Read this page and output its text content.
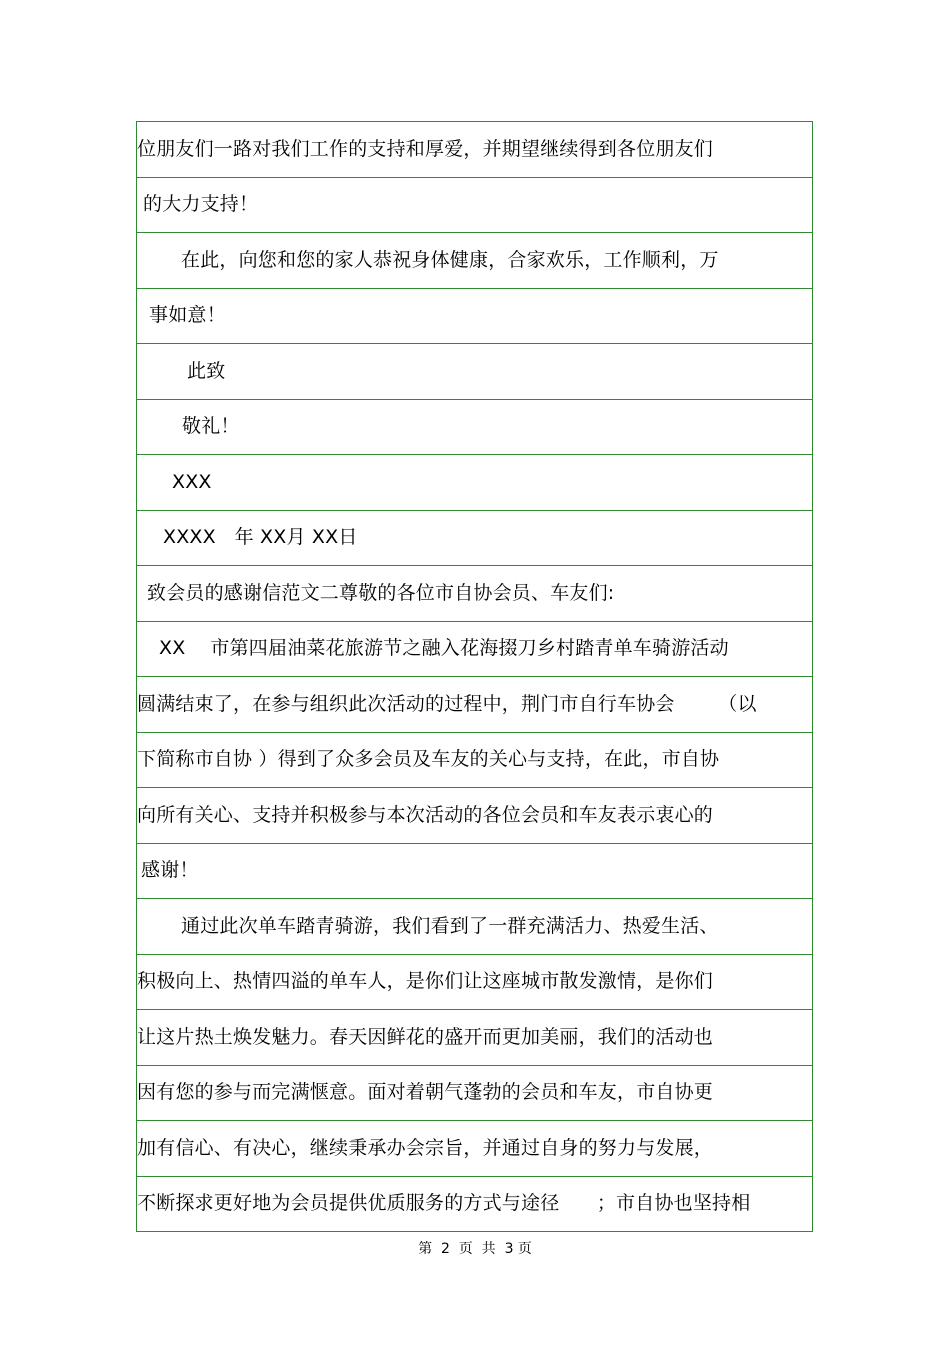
位朋友们一路对我们工作的支持和厚爱，并期望继续得到各位朋友们
的大力支持！
在此，向您和您的家人恭祝身体健康，合家欢乐，工作顺利，万
事如意！
此致
敬礼！
XXX
XXXX   年 XX月 XX日
致会员的感谢信范文二尊敬的各位市自协会员、车友们:
XX    市第四届油菜花旅游节之融入花海掇刀乡村踏青单车骑游活动
圆满结束了，在参与组织此次活动的过程中，荆门市自行车协会       （以
下简称市自协 ）得到了众多会员及车友的关心与支持，在此，市自协
向所有关心、支持并积极参与本次活动的各位会员和车友表示衷心的
感谢！
通过此次单车踏青骑游，我们看到了一群充满活力、热爱生活、
积极向上、热情四溢的单车人，是你们让这座城市散发激情，是你们
让这片热土焕发魅力。春天因鲜花的盛开而更加美丽，我们的活动也
因有您的参与而完满惬意。面对着朝气蓬勃的会员和车友，市自协更
加有信心、有决心，继续秉承办会宗旨，并通过自身的努力与发展，
不断探求更好地为会员提供优质服务的方式与途径      ；市自协也坚持相
第  2  页  共  3 页
